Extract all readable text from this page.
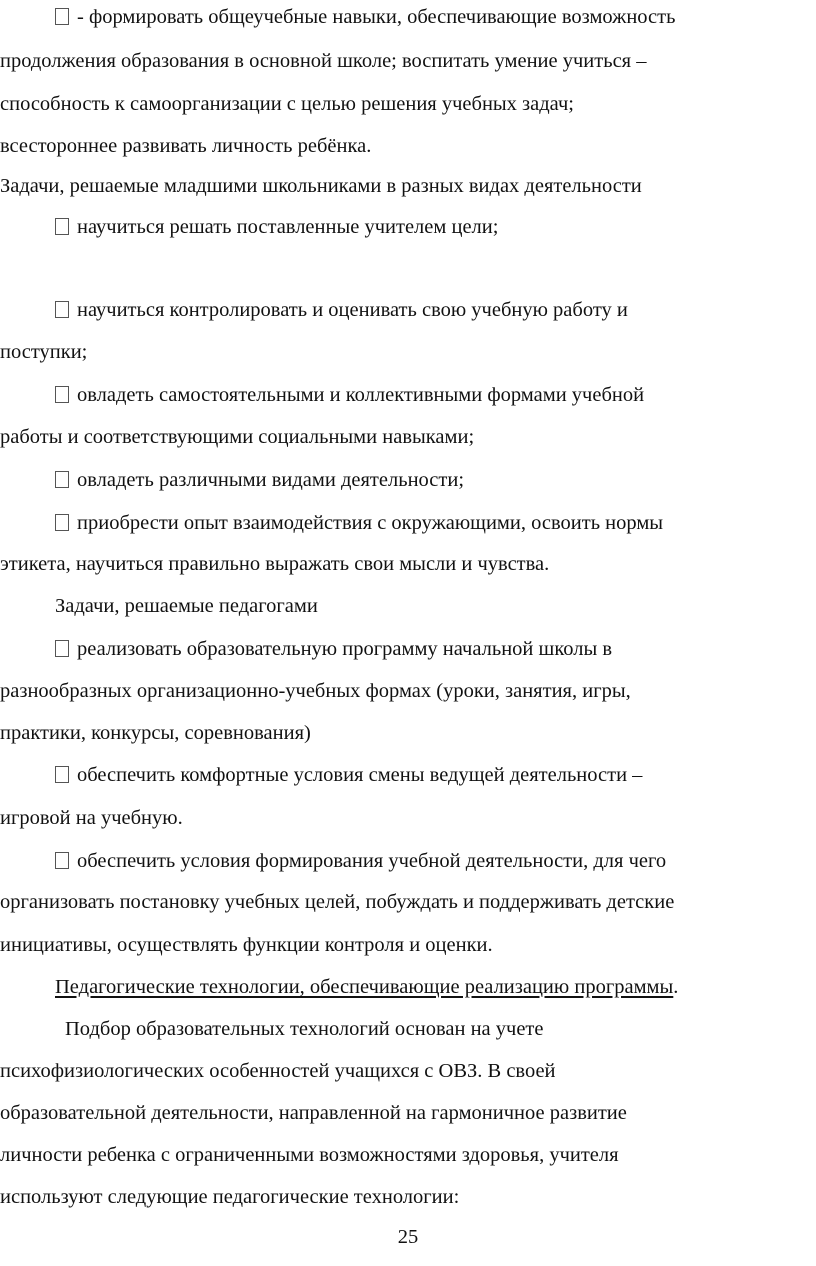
- формировать общеучебные навыки, обеспечивающие возможность
продолжения образования в основной школе; воспитать умение учиться –
способность к самоорганизации с целью решения учебных задач;
всестороннее развивать личность ребёнка.
Задачи, решаемые младшими школьниками в разных видах деятельности
научиться решать поставленные учителем цели;
научиться контролировать и оценивать свою учебную работу и
поступки;
овладеть самостоятельными и коллективными формами учебной
работы и соответствующими социальными навыками;
овладеть различными видами деятельности;
приобрести опыт взаимодействия с окружающими, освоить нормы
этикета, научиться правильно выражать свои мысли и чувства.
Задачи, решаемые педагогами
реализовать образовательную программу начальной школы в
разнообразных организационно-учебных формах (уроки, занятия, игры,
практики, конкурсы, соревнования)
обеспечить комфортные условия смены ведущей деятельности –
игровой на учебную.
обеспечить условия формирования учебной деятельности, для чего
организовать постановку учебных целей, побуждать и поддерживать детские
инициативы, осуществлять функции контроля и оценки.
Педагогические технологии, обеспечивающие реализацию программы.
Подбор образовательных технологий основан на учете
психофизиологических особенностей учащихся с ОВЗ. В своей
образовательной деятельности, направленной на гармоничное развитие
личности ребенка с ограниченными возможностями здоровья, учителя
используют следующие педагогические технологии:
25
